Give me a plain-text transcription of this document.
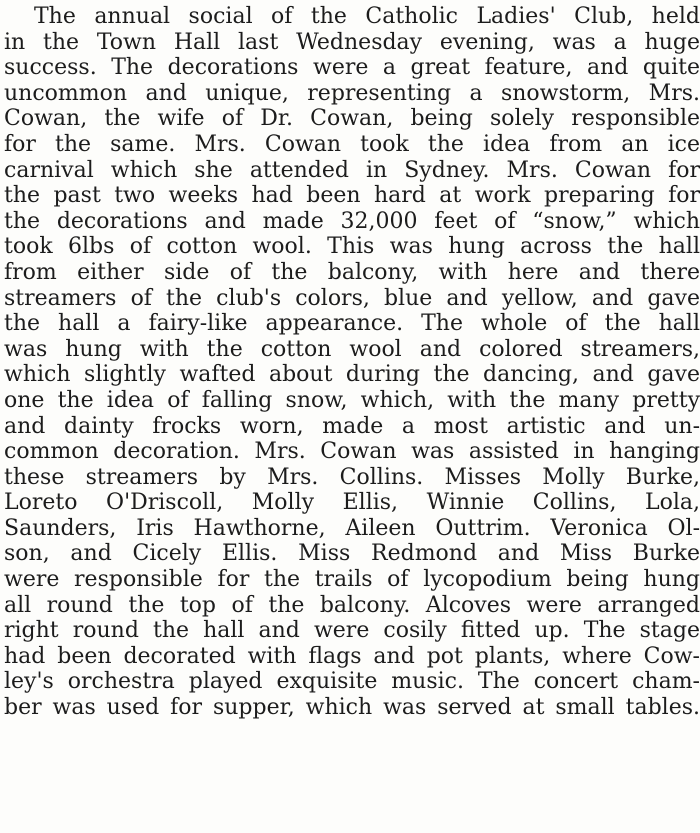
The annual social of the Catholic Ladies' Club, held
in the Town Hall last Wednesday evening, was a huge
success. The decorations were a great feature, and quite
uncommon and unique, representing a snowstorm, Mrs.
Cowan, the wife of Dr. Cowan, being solely responsible
for the same. Mrs. Cowan took the idea from an ice
carnival which she attended in Sydney. Mrs. Cowan for
the past two weeks had been hard at work preparing for
the decorations and made 32,000 feet of “snow,” which
took 6lbs of cotton wool. This was hung across the hall
from either side of the balcony, with here and there
streamers of the club's colors, blue and yellow, and gave
the hall a fairy-like appearance. The whole of the hall
was hung with the cotton wool and colored streamers,
which slightly wafted about during the dancing, and gave
one the idea of falling snow, which, with the many pretty
and dainty frocks worn, made a most artistic and un-
common decoration. Mrs. Cowan was assisted in hanging
these streamers by Mrs. Collins. Misses Molly Burke,
Loreto O'Driscoll, Molly Ellis, Winnie Collins, Lola,
Saunders, Iris Hawthorne, Aileen Outtrim. Veronica Ol-
son, and Cicely Ellis. Miss Redmond and Miss Burke
were responsible for the trails of lycopodium being hung
all round the top of the balcony. Alcoves were arranged
right round the hall and were cosily fitted up. The stage
had been decorated with flags and pot plants, where Cow-
ley's orchestra played exquisite music. The concert cham-
ber was used for supper, which was served at small tables.
